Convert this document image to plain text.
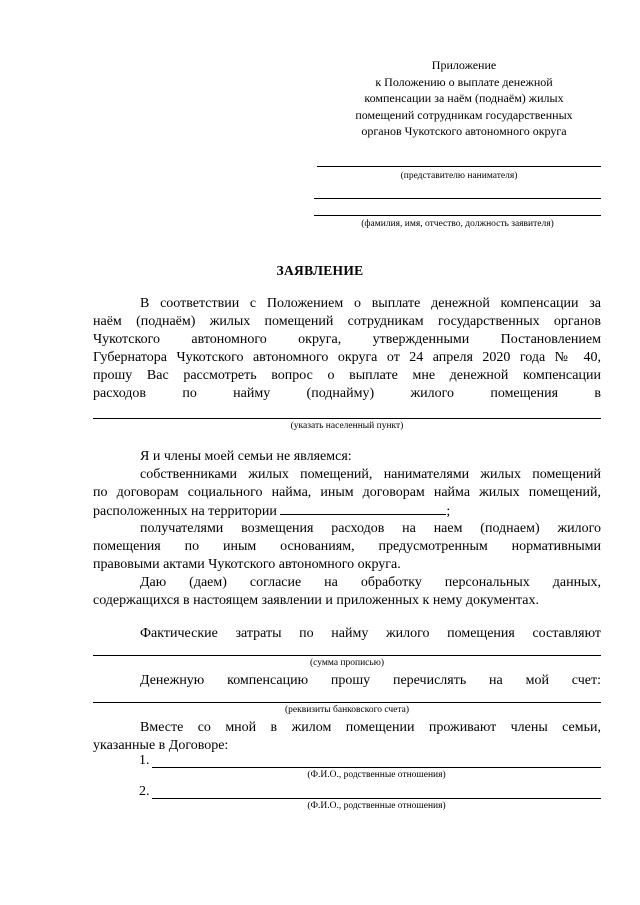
Приложение
к Положению о выплате денежной
компенсации за наём (поднаём) жилых
помещений сотрудникам государственных
органов Чукотского автономного округа
(представителю нанимателя)
(фамилия, имя, отчество, должность заявителя)
ЗАЯВЛЕНИЕ
В соответствии с Положением о выплате денежной компенсации за
наём (поднаём) жилых помещений сотрудникам государственных органов
Чукотского автономного округа, утвержденными Постановлением
Губернатора Чукотского автономного округа от 24 апреля 2020 года № 40,
прошу Вас рассмотреть вопрос о выплате мне денежной компенсации
расходов по найму (поднайму) жилого помещения в
(указать населенный пункт)
Я и члены моей семьи не являемся:
собственниками жилых помещений, нанимателями жилых помещений
по договорам социального найма, иным договорам найма жилых помещений,
расположенных на территории	;
получателями возмещения расходов на наем (поднаем) жилого
помещения по иным основаниям, предусмотренным нормативными
правовыми актами Чукотского автономного округа.
Даю (даем) согласие на обработку персональных данных,
содержащихся в настоящем заявлении и приложенных к нему документах.
Фактические затраты по найму жилого помещения составляют
(сумма прописью)
Денежную компенсацию прошу перечислять на мой счет:
(реквизиты банковского счета)
Вместе со мной в жилом помещении проживают члены семьи,
указанные в Договоре:
1.
(Ф.И.О., родственные отношения)
2.
(Ф.И.О., родственные отношения)
